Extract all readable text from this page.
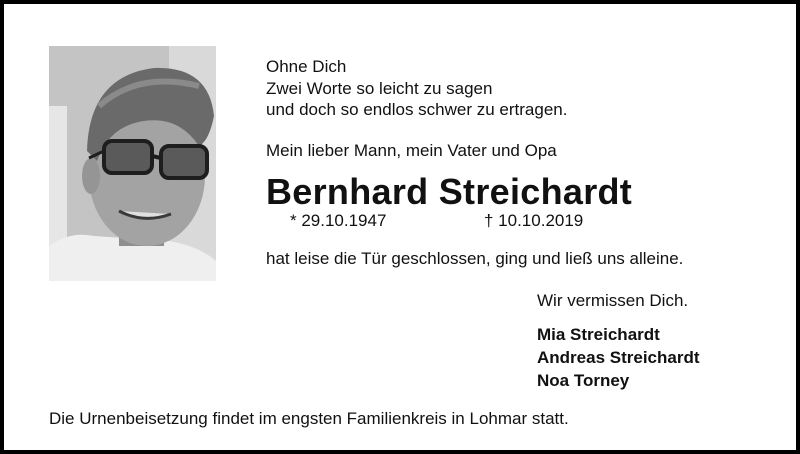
Ohne Dich
Zwei Worte so leicht zu sagen
und doch so endlos schwer zu ertragen.
Mein lieber Mann, mein Vater und Opa
Bernhard Streichardt
* 29.10.1947	† 10.10.2019
hat leise die Tür geschlossen, ging und ließ uns alleine.
Wir vermissen Dich.
Mia Streichardt
Andreas Streichardt
Noa Torney
Die Urnenbeisetzung findet im engsten Familienkreis in Lohmar statt.
